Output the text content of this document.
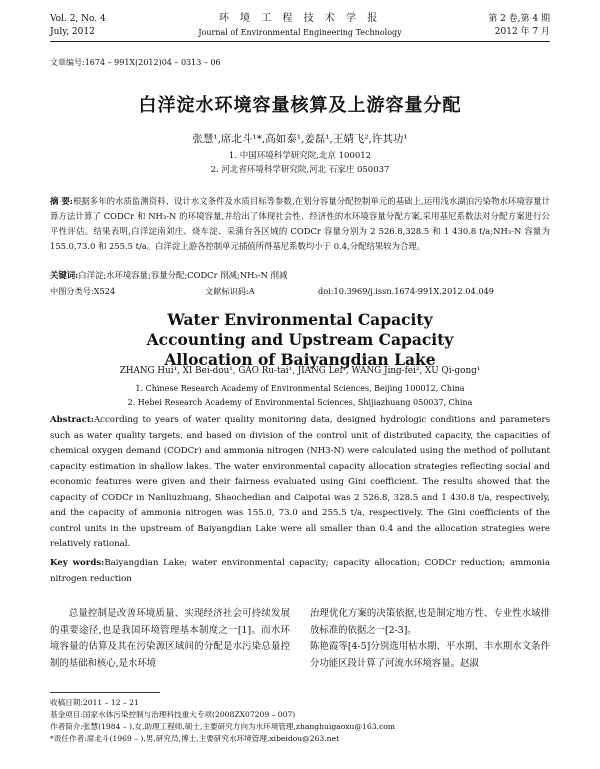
Vol. 2, No. 4
July, 2012
环 境 工 程 技 术 学 报
Journal of Environmental Engineering Technology
第 2 卷,第 4 期
2012 年 7 月
文章编号:1674 – 991X(2012)04 – 0313 – 06
白洋淀水环境容量核算及上游容量分配
张慧¹,席北斗¹*,高如泰¹,姜磊¹,王婧飞²,许其功¹
1. 中国环境科学研究院,北京 100012
2. 河北省环境科学研究院,河北 石家庄 050037
摘 要:根据多年的水质监测资料、设计水文条件及水质目标等参数,在划分容量分配控制单元的基础上,运用浅水湖泊污染物水环境容量计算方法计算了 CODCr 和 NH₃-N 的环境容量,并给出了体现社会性、经济性的水环境容量分配方案,采用基尼系数法对分配方案进行公平性评估。结果表明,白洋淀南刘庄、烧车淀、采蒲台各区域的 CODCr 容量分别为 2 526.8,328.5 和 1 430.8 t/a;NH₃-N 容量为 155.0,73.0 和 255.5 t/a。白洋淀上游各控制单元插值所得基尼系数均小于 0.4,分配结果较为合理。
关键词:白洋淀;水环境容量;容量分配;CODCr 削减;NH₃-N 削减
中图分类号:X524	文献标识码:A	doi:10.3969/j.issn.1674-991X.2012.04.049
Water Environmental Capacity Accounting and Upstream Capacity Allocation of Baiyangdian Lake
ZHANG Hui¹, XI Bei-dou¹, GAO Ru-tai¹, JIANG Lei¹, WANG Jing-fei², XU Qi-gong¹
1. Chinese Research Academy of Environmental Sciences, Beijing 100012, China
2. Hebei Research Academy of Environmental Sciences, Shijiazhuang 050037, China
Abstract:According to years of water quality monitoring data, designed hydrologic conditions and parameters such as water quality targets, and based on division of the control unit of distributed capacity, the capacities of chemical oxygen demand (CODCr) and ammonia nitrogen (NH3-N) were calculated using the method of pollutant capacity estimation in shallow lakes. The water environmental capacity allocation strategies reflecting social and economic features were given and their fairness evaluated using Gini coefficient. The results showed that the capacity of CODCr in Nanliuzhuang, Shaochedian and Caipotai was 2 526.8, 328.5 and 1 430.8 t/a, respectively, and the capacity of ammonia nitrogen was 155.0, 73.0 and 255.5 t/a, respectively. The Gini coefficients of the control units in the upstream of Baiyangdian Lake were all smaller than 0.4 and the allocation strategies were relatively rational.
Key words:Baiyangdian Lake; water environmental capacity; capacity allocation; CODCr reduction; ammonia nitrogen reduction
总量控制是改善环境质量、实现经济社会可持续发展的重要途径,也是我国环境管理基本制度之一[1]。而水环境容量的估算及其在污染源区域间的分配是水污染总量控制的基础和核心,是水环境
治理优化方案的决策依据,也是制定地方性、专业性水域排放标准的依据之一[2-3]。
陈艳霞等[4-5]分别选用枯水期、平水期、丰水期水文条件分功能区段计算了河流水环境容量。赵淑
收稿日期:2011 – 12 – 21
基金项目:国家水体污染控制与治理科技重大专项(2008ZX07209 – 007)
作者简介:张慧(1984 – ),女,助理工程师,硕士,主要研究方向为水环境管理,zhanghuigaoxu@163.com
*责任作者:席北斗(1969 – ),男,研究员,博士,主要研究水环境管理,xibeidou@263.net
